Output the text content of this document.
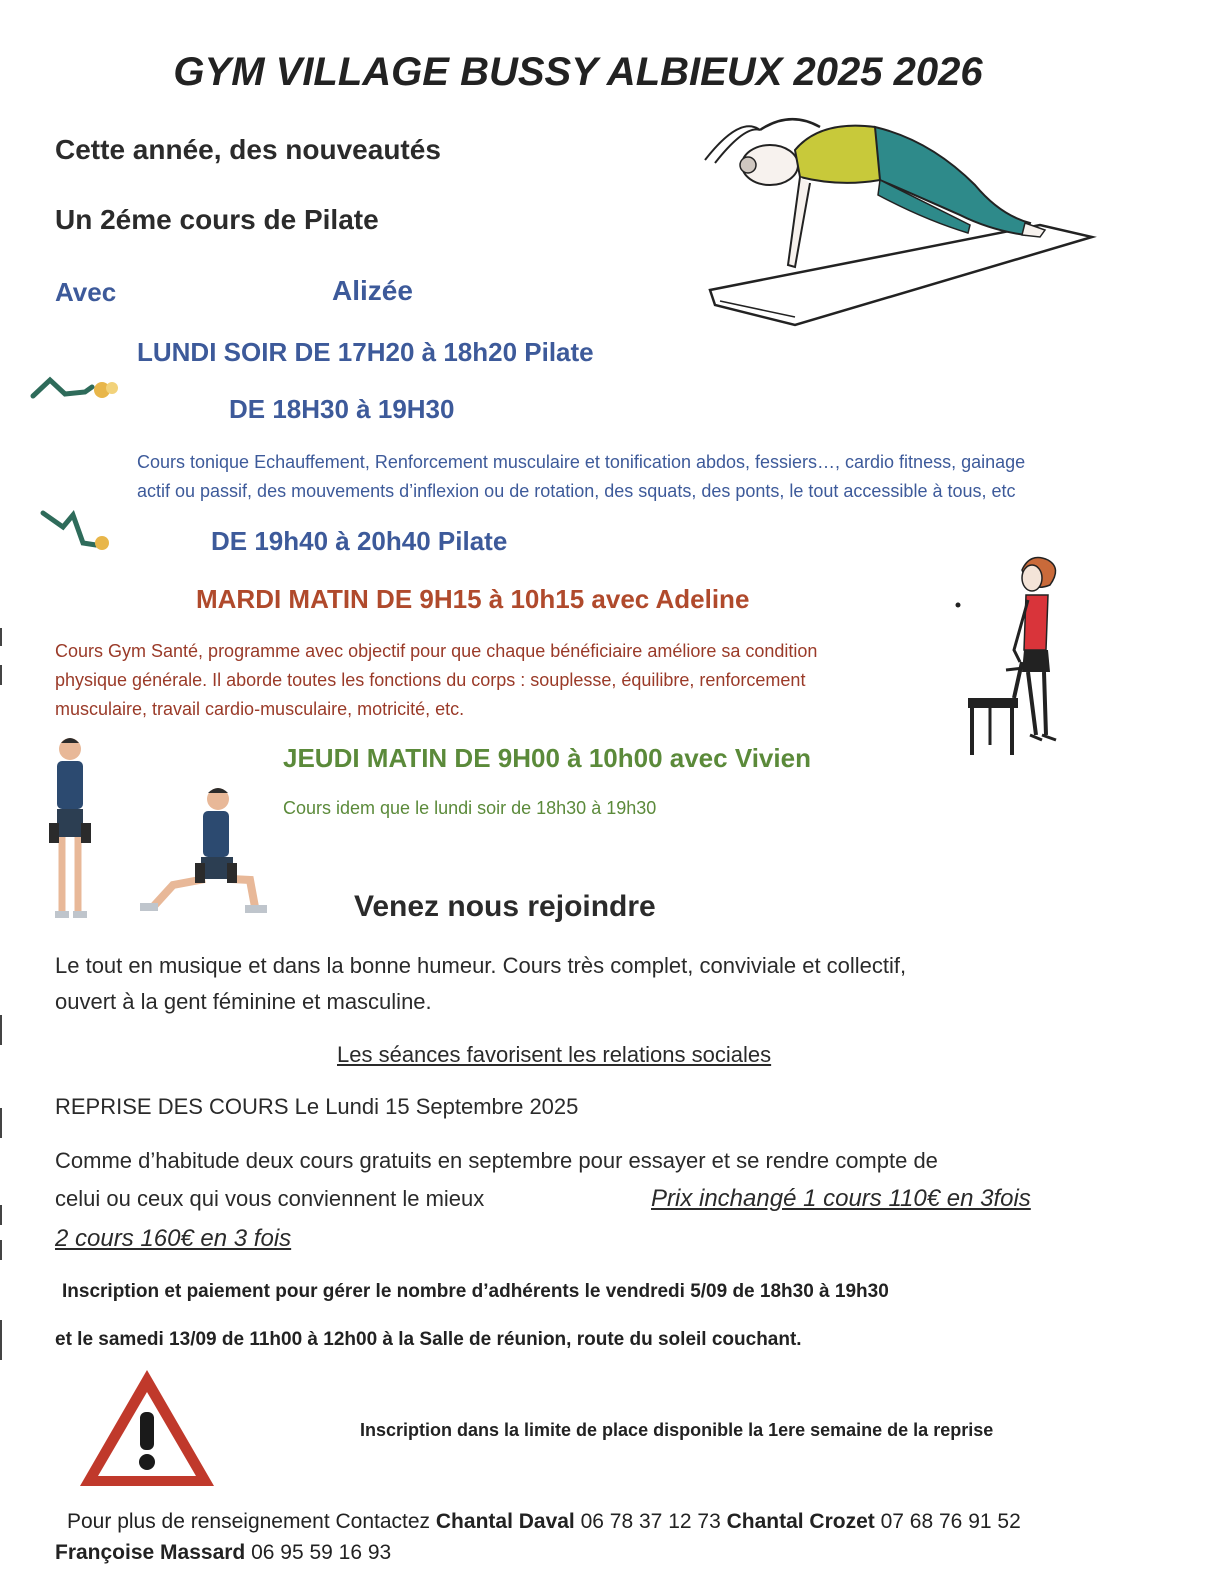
GYM VILLAGE BUSSY ALBIEUX 2025 2026
Cette année, des nouveautés
Un 2éme cours de Pilate
Avec	Alizée
LUNDI SOIR DE 17H20 à 18h20 Pilate
DE 18H30 à 19H30
Cours tonique Echauffement, Renforcement musculaire et tonification abdos, fessiers…, cardio fitness, gainage
actif ou passif, des mouvements d’inflexion ou de rotation, des squats, des ponts, le tout accessible à tous, etc
DE 19h40 à 20h40 Pilate
MARDI MATIN DE 9H15 à 10h15 avec Adeline
Cours Gym Santé, programme avec objectif pour que chaque bénéficiaire améliore sa condition
physique générale. Il aborde toutes les fonctions du corps : souplesse, équilibre, renforcement
musculaire, travail cardio-musculaire, motricité, etc.
JEUDI MATIN DE 9H00 à 10h00 avec Vivien
Cours idem que le lundi soir de 18h30 à 19h30
Venez nous rejoindre
Le tout en musique et dans la bonne humeur. Cours très complet, conviviale et collectif,
ouvert à la gent féminine et masculine.
Les séances favorisent les relations sociales
REPRISE DES COURS Le Lundi 15 Septembre 2025
Comme d’habitude deux cours gratuits en septembre pour essayer et se rendre compte de
celui ou ceux qui vous conviennent le mieux	Prix inchangé 1 cours 110€ en 3fois
2 cours 160€ en 3 fois
Inscription et paiement pour gérer le nombre d’adhérents le vendredi 5/09 de 18h30 à 19h30
et le samedi 13/09 de 11h00 à 12h00 à la Salle de réunion, route du soleil couchant.
Inscription dans la limite de place disponible la 1ere semaine de la reprise
Pour plus de renseignement Contactez Chantal Daval 06 78 37 12 73 Chantal Crozet 07 68 76 91 52
Françoise Massard 06 95 59 16 93
